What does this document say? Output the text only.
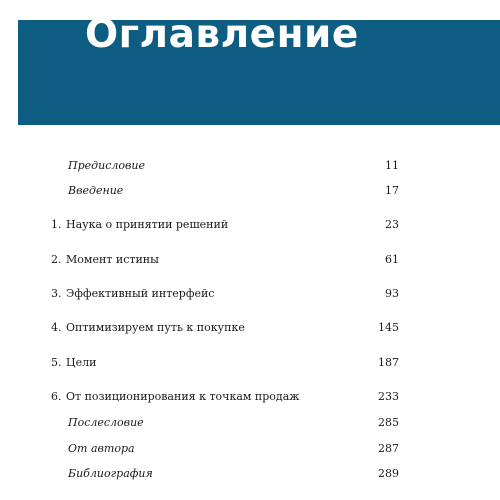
Оглавление
Предисловие	11
Введение	17
1. Наука о принятии решений	23
2. Момент истины	61
3. Эффективный интерфейс	93
4. Оптимизируем путь к покупке	145
5. Цели	187
6. От позиционирования к точкам продаж	233
Послесловие	285
От автора	287
Библиография	289
